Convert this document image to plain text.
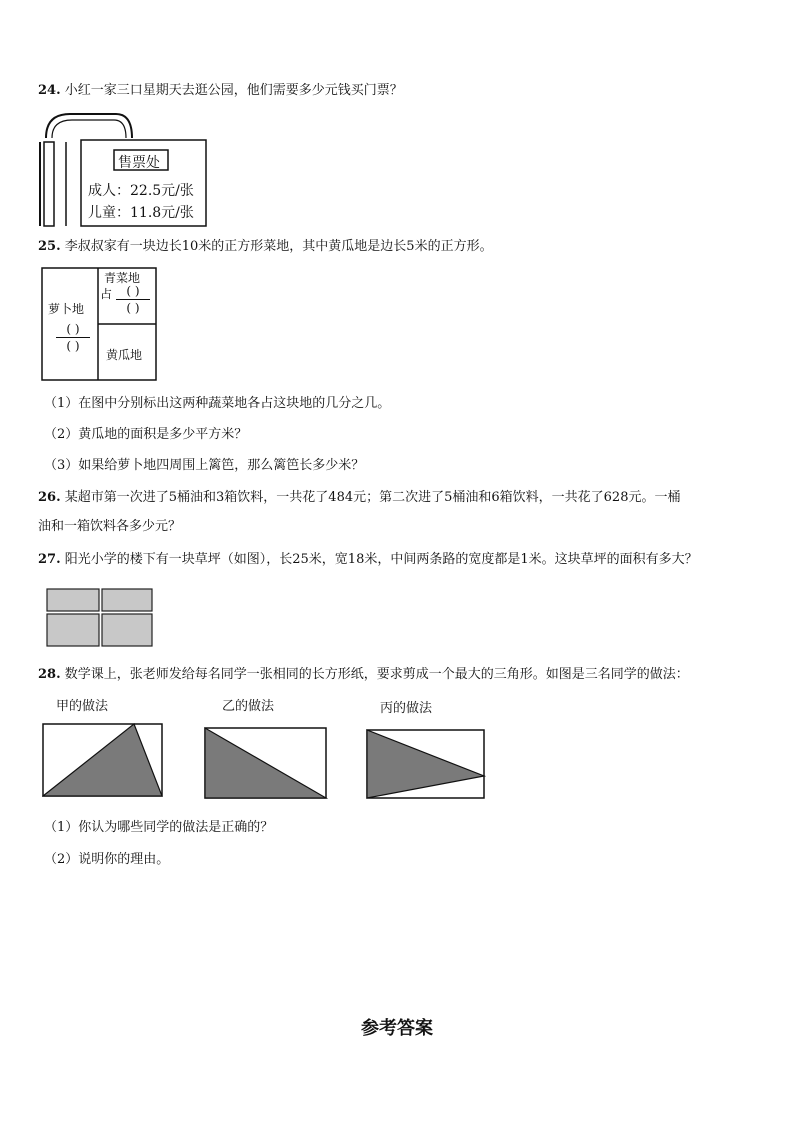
24. 小红一家三口星期天去逛公园，他们需要多少元钱买门票？

售票处
成人：22.5元/张
儿童：11.8元/张

25. 李叔叔家有一块边长10米的正方形菜地，其中黄瓜地是边长5米的正方形。

萝卜地
( )
( )
青菜地
占	( )
( )
黄瓜地
（1）在图中分别标出这两种蔬菜地各占这块地的几分之几。
（2）黄瓜地的面积是多少平方米？
（3）如果给萝卜地四周围上篱笆，那么篱笆长多少米？

26. 某超市第一次进了5桶油和3箱饮料，一共花了484元；第二次进了5桶油和6箱饮料，一共花了628元。一桶

油和一箱饮料各多少元？

27. 阳光小学的楼下有一块草坪（如图），长25米，宽18米，中间两条路的宽度都是1米。这块草坪的面积有多大？

28. 数学课上，张老师发给每名同学一张相同的长方形纸，要求剪成一个最大的三角形。如图是三名同学的做法：

甲的做法	乙的做法	丙的做法
（1）你认为哪些同学的做法是正确的？
（2）说明你的理由。
参考答案
